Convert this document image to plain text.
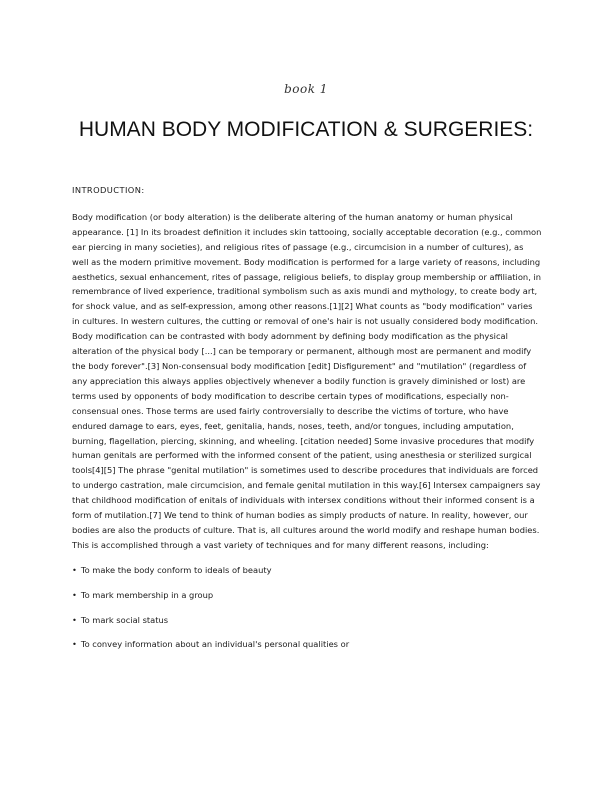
book 1
HUMAN BODY MODIFICATION & SURGERIES:

INTRODUCTION:

Body modification (or body alteration) is the deliberate altering of the human anatomy or human physical appearance. [1] In its broadest definition it includes skin tattooing, socially acceptable decoration (e.g., common ear piercing in many societies), and religious rites of passage (e.g., circumcision in a number of cultures), as well as the modern primitive movement. Body modification is performed for a large variety of reasons, including aesthetics, sexual enhancement, rites of passage, religious beliefs, to display group membership or affiliation, in remembrance of lived experience, traditional symbolism such as axis mundi and mythology, to create body art, for shock value, and as self-expression, among other reasons.[1][2] What counts as "body modification" varies in cultures. In western cultures, the cutting or removal of one's hair is not usually considered body modification. Body modification can be contrasted with body adornment by defining body modification as the physical alteration of the physical body [...] can be temporary or permanent, although most are permanent and modify the body forever".[3] Non-consensual body modification [edit] Disfigurement" and "mutilation" (regardless of any appreciation this always applies objectively whenever a bodily function is gravely diminished or lost) are terms used by opponents of body modification to describe certain types of modifications, especially non-consensual ones. Those terms are used fairly controversially to describe the victims of torture, who have endured damage to ears, eyes, feet, genitalia, hands, noses, teeth, and/or tongues, including amputation, burning, flagellation, piercing, skinning, and wheeling. [citation needed] Some invasive procedures that modify human genitals are performed with the informed consent of the patient, using anesthesia or sterilized surgical tools[4][5] The phrase "genital mutilation" is sometimes used to describe procedures that individuals are forced to undergo castration, male circumcision, and female genital mutilation in this way.[6] Intersex campaigners say that childhood modification of enitals of individuals with intersex conditions without their informed consent is a form of mutilation.[7] We tend to think of human bodies as simply products of nature. In reality, however, our bodies are also the products of culture. That is, all cultures around the world modify and reshape human bodies. This is accomplished through a vast variety of techniques and for many different reasons, including:

• To make the body conform to ideals of beauty
• To mark membership in a group
• To mark social status
• To convey information about an individual's personal qualities or
